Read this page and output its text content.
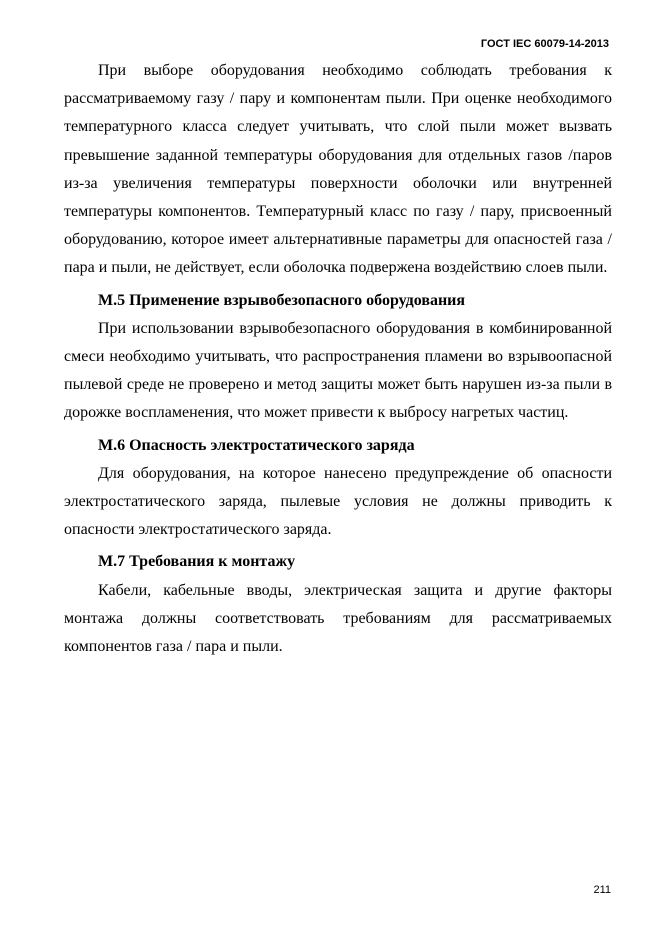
ГОСТ IEC 60079-14-2013

При выборе оборудования необходимо соблюдать требования к рассматриваемому газу / пару и компонентам пыли. При оценке необходимого температурного класса следует учитывать, что слой пыли может вызвать превышение заданной температуры оборудования для отдельных газов /паров из-за увеличения температуры поверхности оболочки или внутренней температуры компонентов. Температурный класс по газу / пару, присвоенный оборудованию, которое имеет альтернативные параметры для опасностей газа / пара и пыли, не действует, если оболочка подвержена воздействию слоев пыли.

М.5 Применение взрывобезопасного оборудования

При использовании взрывобезопасного оборудования в комбинированной смеси необходимо учитывать, что распространения пламени во взрывоопасной пылевой среде не проверено и метод защиты может быть нарушен из-за пыли в дорожке воспламенения, что может привести к выбросу нагретых частиц.

М.6 Опасность электростатического заряда

Для оборудования, на которое нанесено предупреждение об опасности электростатического заряда, пылевые условия не должны приводить к опасности электростатического заряда.

М.7 Требования к монтажу

Кабели, кабельные вводы, электрическая защита и другие факторы монтажа должны соответствовать требованиям для рассматриваемых компонентов газа / пара и пыли.

211
